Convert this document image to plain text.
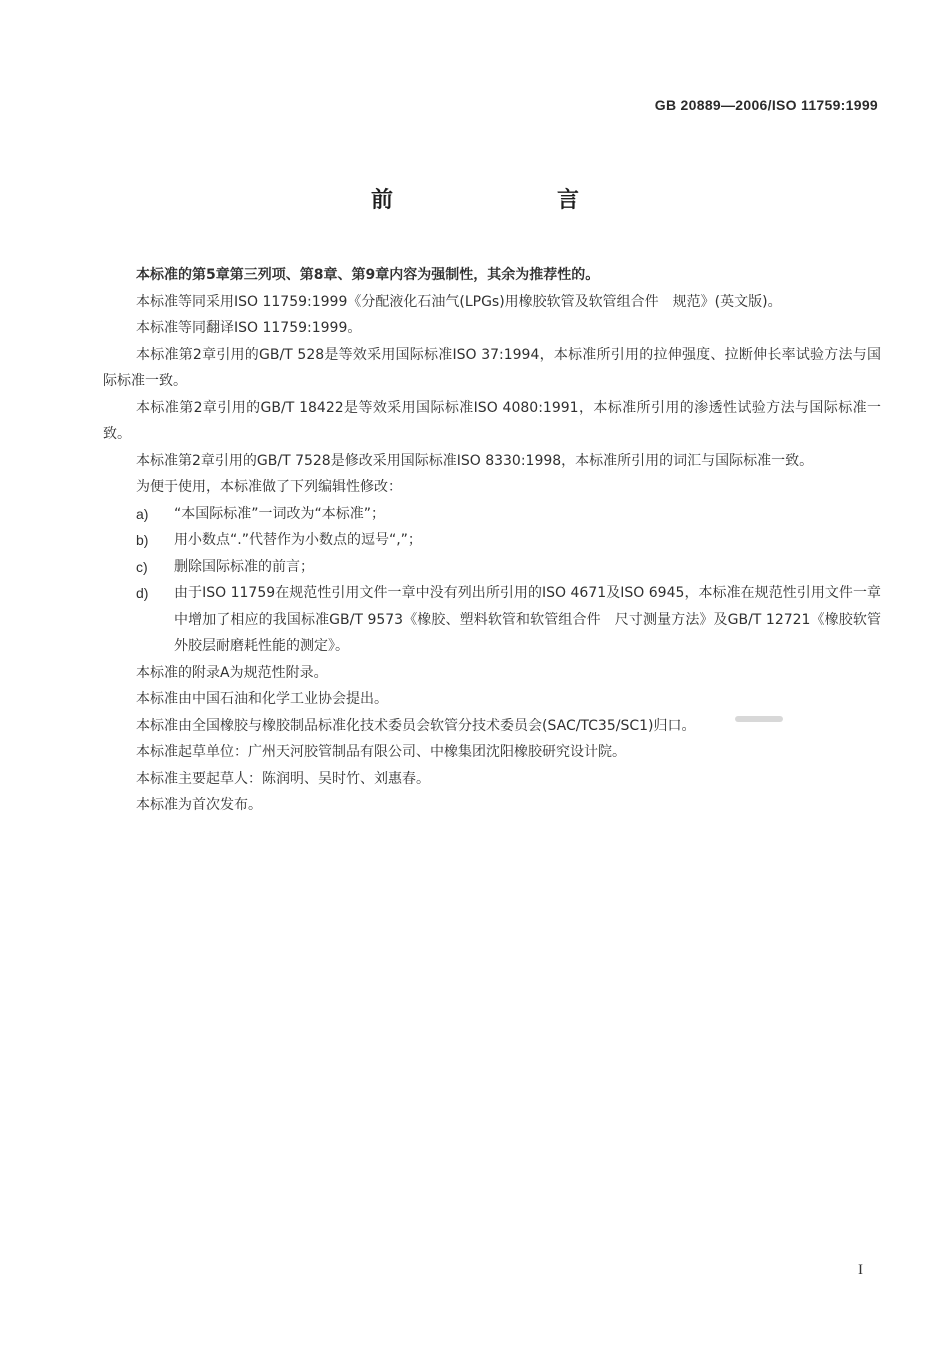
GB 20889—2006/ISO 11759:1999
前　　言

本标准的第5章第三列项、第8章、第9章内容为强制性，其余为推荐性的。

本标准等同采用ISO 11759:1999《分配液化石油气(LPGs)用橡胶软管及软管组合件　规范》(英文版)。

本标准等同翻译ISO 11759:1999。

本标准第2章引用的GB/T 528是等效采用国际标准ISO 37:1994，本标准所引用的拉伸强度、拉断伸长率试验方法与国际标准一致。

本标准第2章引用的GB/T 18422是等效采用国际标准ISO 4080:1991，本标准所引用的渗透性试验方法与国际标准一致。

本标准第2章引用的GB/T 7528是修改采用国际标准ISO 8330:1998，本标准所引用的词汇与国际标准一致。

为便于使用，本标准做了下列编辑性修改：

a) “本国际标准”一词改为“本标准”；
b) 用小数点“.”代替作为小数点的逗号“,”；
c) 删除国际标准的前言；
d) 由于ISO 11759在规范性引用文件一章中没有列出所引用的ISO 4671及ISO 6945，本标准在规范性引用文件一章中增加了相应的我国标准GB/T 9573《橡胶、塑料软管和软管组合件　尺寸测量方法》及GB/T 12721《橡胶软管　外胶层耐磨耗性能的测定》。

本标准的附录A为规范性附录。

本标准由中国石油和化学工业协会提出。

本标准由全国橡胶与橡胶制品标准化技术委员会软管分技术委员会(SAC/TC35/SC1)归口。

本标准起草单位：广州天河胶管制品有限公司、中橡集团沈阳橡胶研究设计院。

本标准主要起草人：陈润明、吴时竹、刘惠春。

本标准为首次发布。

I
